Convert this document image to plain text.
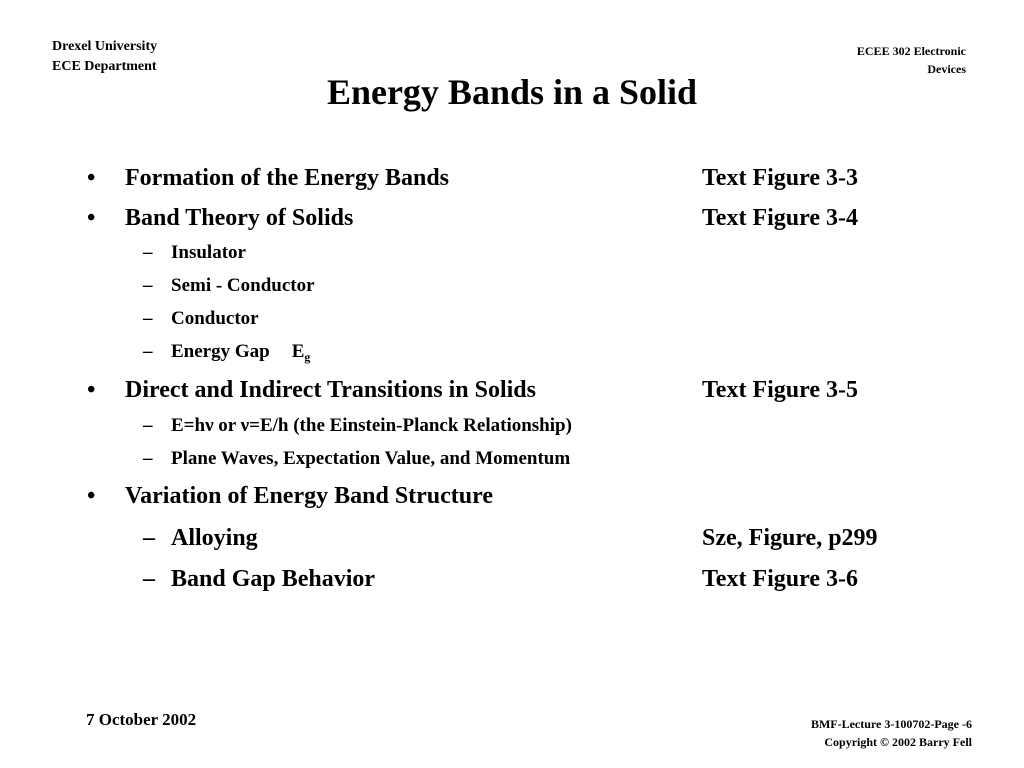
Drexel University
ECE Department
ECEE 302 Electronic
Devices
Energy Bands in a Solid
• Formation of the Energy Bands	Text Figure 3-3
• Band Theory of Solids	Text Figure 3-4
– Insulator
– Semi - Conductor
– Conductor
– Energy Gap $E_g$
• Direct and Indirect Transitions in Solids	Text Figure 3-5
– E=hν or ν=E/h (the Einstein-Planck Relationship)
– Plane Waves, Expectation Value, and Momentum
• Variation of Energy Band Structure
– Alloying	Sze, Figure, p299
– Band Gap Behavior	Text Figure 3-6
7 October 2002	BMF-Lecture 3-100702-Page -6
Copyright © 2002 Barry Fell
